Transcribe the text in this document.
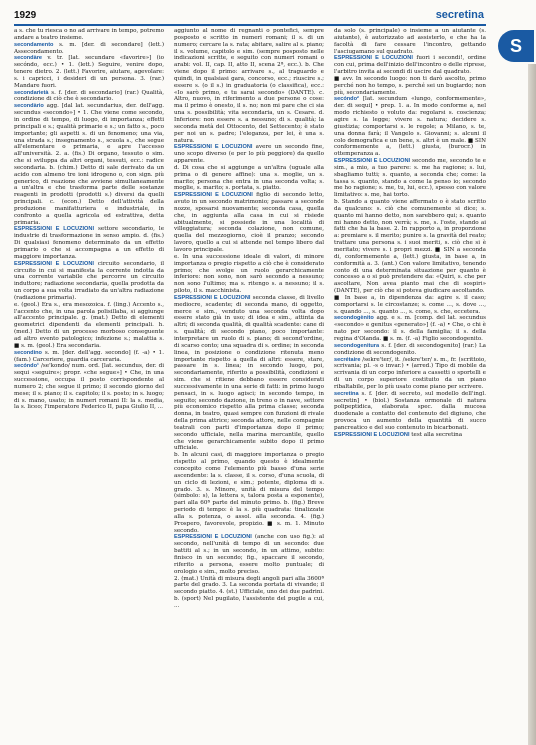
1929	secretina
S

a s. che tu riesca o no ad arrivare in tempo, potremo andare a teatro insieme.

secondamento s. m. [der. di secondare] (lett.) Assecondamento.

secondàre v. tr. [lat. secundare «favorire»] (io secóndo, ecc.) • 1. (lett.) Seguire, venire dopo, tenere dietro. 2. (lett.) Favorire, aiutare, agevolare: s. i capricci, i desideri di un persona. 3. (rar.) Mandare fuori.

secondarietà s. f. [der. di secondario] (rar.) Qualità, condizione di ciò che è secondario.

secondàrio agg. [dal lat. secundarius, der. dell'agg. secundus «secondo»] • 1. Che viene come secondo, in ordine di tempo, di luogo, di importanza; effetti principali e s.; qualità primarie e s.; un fatto s., poco importante; gli aspetti s. di un fenomeno; una via, una strada s.; insegnamento s., scuola s., che segue all'elementare o primaria, e apre l'accesso all'università. 2. a. (fis.) Di organo, tessuto o sim. che si sviluppa da altri organi, tessuti, ecc.: radice secondaria. b. (chim.) Detto di sale derivato da un acido con almeno tre ioni idrogeno o, con sign. più generico, di reazione che avviene simultaneamente a un'altra e che trasforma parte delle sostanze reagenti in prodotti (prodotti s.) diversi da quelli principali. c. (econ.) Detto dell'attività della produzione manifatturiera e industriale, in confronto a quella agricola ed estrattiva, detta primaria.

ESPRESSIONI E LOCUZIONI settore secondario, le industrie di trasformazione in senso ampio. d. (fis.) Di qualsiasi fenomeno determinato da un effetto primario o che si accompagna a un effetto di maggiore importanza.

ESPRESSIONI E LOCUZIONI circuito secondario, il circuito in cui si manifesta la corrente indotta da una corrente variabile che percorre un circuito induttore; radiazione secondaria, quella prodotta da un corpo a sua volta irradiato da un'altra radiazione (radiazione primaria).

e. (geol.) Era s., era mesozoica. f. (ling.) Accento s., l'accento che, in una parola polisillaba, si aggiunge all'accento principale. g. (mat.) Detto di elementi geometrici dipendenti da elementi principali. h. (med.) Detto di un processo morboso conseguente ad altro evento patologico; infezione s.; malattia s. ■ s. m. (geol.) Era secondaria.

secondino s. m. [der. dell'agg. secondo] (f. -a) • 1. (fam.) Carceriere, guardia carceraria.

secóndo¹ /se'kondo/ num. ord. [lat. secundus, der. di sequi «seguire»; propr. «che segue»] • Che, in una successione, occupa il posto corrispondente al numero 2; che segue il primo; il secondo giorno del mese; il s. piano; il s. capitolo; il s. posto; in s. luogo; di s. mano, usato; in numeri romani II: la s. media, la s. liceo; l'imperatore Federico II, papa Giulio II, ...

aggiunto al nome di regnanti o pontefici, sempre posposto e scritto in numeri romani; il s. di un numero; cercare la s. rata; abitare, salire al s. piano; il s. volume, capitolo e sim. (sempre posposto nelle indicazioni scritte, e seguito con numeri romani o arabi: vol. II, cap. II, atto II, scena 2ª, ecc.). b. Che viene dopo il primo: arrivare s., al traguardo e quindi, in qualsiasi gara, concorso, ecc.; riuscire s.; essere s. (o il s.) in graduatoria (o classifica), ecc.: «Io sarò primo, e tu sarai secondo» (DANTE). c. Altro, nuovo, in riferimento a due persone o cose: ma il primo è onesto, il s. no; non mi pare che ci sia una s. possibilità; vita secondaria, un s. Cesare. d. Inferiore: non essere s. a nessuno; di s. qualità; la seconda metà del Ottocento, del Settecento; è stato per noi un s. padre; l'eleganza, per lei, è una s. natura.

ESPRESSIONI E LOCUZIONI avere un secondo fine, uno scopo diverso (e per lo più peggiore) da quello apparente.

d. Di cosa che si aggiunge a un'altra (uguale alla prima o di genere affine): una s. moglie, un s. marito; persona che entra in una seconda volta; s. moglie, s. marito; s. portata, s. piatto.

ESPRESSIONI E LOCUZIONI figlio di secondo letto, avuto in un secondo matrimonio; passare a seconde nozze, sposarsi nuovamente; seconda casa, quella che, in aggiunta alla casa in cui si risiede abitualmente, si possiede in una località di villeggiatura; seconda colazione, non comune, quella del mezzogiorno, cioè il pranzo; secondo lavoro, quello a cui si attende nel tempo libero dal lavoro principale.

e. In una successione ideale di valori, di minore importanza o pregio rispetto a ciò che è considerato primo; che svolge un ruolo gerarchicamente inferiore: non sono, non sarò secondo a nessuno; non sono l'ultimo; ma s. ritengo s. a nessuno; il s. piloto, il s. macchinista.

ESPRESSIONI E LOCUZIONI seconda classe, di livello mediocre, scadente; di seconda mano, di oggetto, merce e sim., venduto una seconda volta dopo essere stato già in uso; di idea e sim., attinta da altri; di seconda qualità, di qualità scadente: cane di s. qualità; di secondo piano, poco importante: interpretare un ruolo di s. piano; di second'ordine, di scarso conto; una squadra di s. ordine; in seconda linea, in posizione o condizione ritenuta meno importante rispetto a quella di altri: essere, stare, passare in s. linea; in secondo luogo, poi, secondariamente, riferito a possibilità, condizioni e sim. che si ritiene debbano essere considerati successivamente in una serie di fatti: in primo luogo pensaci, in s. luogo agisci; in secondo tempo, in seguito; secondo dazione, in treno o in nave, settore più economico rispetto alla prima classe; seconda donna, in teatro, quasi sempre con funzioni di rivale della prima attrice; seconda attore, nelle compagnie teatrali con parti d'importanza dopo il primo; secondo ufficiale, nella marina mercantile, quello che viene gerarchicamente subito dopo il primo ufficiale.

b. In alcuni casi, di maggiore importanza o pregio rispetto al primo, quando questo è idealmente concepito come l'elemento più basso d'una serie ascendente: la s. classe, il s. corso, d'una scuola, di un ciclo di lezioni, e sim.; potente, diploma di s. grado. 3. s. Minore, unità di misura del tempo (simbolo: s), la lettera s, talora posta a esponente), pari alla 60ª parte del minuto primo. b. (fig.) Breve periodo di tempo: è la s. più quadrata: tinalizzate alla s. potenza, o assol. alla seconda. 4. (fig.) Prospero, favorevole, propizio. ■ s. m. 1. Minuto secondo.

ESPRESSIONI E LOCUZIONI (anche con uso fig.): al secondo, nell'unità di tempo di un secondo: due battiti al s.; in un secondo, in un attimo, subito: finisco in un secondo; fig., spaccare il secondo, riferito a persona, essere molto puntuale; di orologio e sim., molto preciso.

2. (mat.) Unità di misura degli angoli pari alla 3600ª parte del grado. 3. La seconda portata di vivande; il secondo piatto. 4. (st.) Ufficiale, uno dei due padrini. b. (sport) Nel pugilato, l'assistente del pugile a cui, ...

da solo (s. principale) o insieme a un aiutante (s. aiutante), è autorizzato ad assisterlo, e che ha la facoltà di fare cessare l'incontro, gettando l'asciugamano sul quadrato.

ESPRESSIONI E LOCUZIONI fuori i secondi!, ordine con cui, prima dell'inizio dell'incontro o delle riprese, l'arbitro invita ai secondi di uscire dal quadrato.

■ avv. In secondo luogo: non ti darò ascolto, primo perché non ho tempo, s. perché sei un bugiardo; non più, secondariamente.

secóndo² [lat. secundum «lungo, conformemente», der. di sequi] • prep. 1. a. In modo conforme a, nel modo richiesto o voluto da: regolarsi s. coscienza; agire s. la legge; vivere s. natura; decidere s. giustizia; comportarsi s. le regole; a Milano, s. te, una donna farà; il Vangelo s. Giovanni; s. alcuni il colo demografica e un bene, s. altri è un male. ■ SIN conformemente a, (lett.) giusta, (burocr.) in ottemperanza a.

ESPRESSIONI E LOCUZIONI secondo me, secondo te e sim., a mio, a tuo parere: s. me ha ragione; s. lui, sbagliamo tutti; s. quanto, a seconda che; come: la tassa s. quanto, stando a come la penso io; secondo me ho ragione; s. me, tu, lui, ecc.), spesso con valore limitativo: s. me, hai torto.

b. Stando a quanto viene affermato o è stato scritto da qualcuno: s. ciò che comunemente si dice; s. quanto mi hanno detto, non sarebbero qui; s. quanto mi hanno detto, non verrà; s. me, s. l'oste, stando ai fatti che ha la base. 2. In rapporto a, in proporzione a: premiare s. il merito; punire s. la gravità del reato; trattare una persona s. i suoi meriti, s. ciò che si è meritato; vivere s. i propri mezzi. ■ SIN a seconda di, conformemente a, (lett.) giusta, in base a, in conformità a. 3. (ant.) Con valore limitativo, tenendo conto di una determinata situazione per quanto è concesso a o si può pretendere da: «Quiri, s. che per ascoltare, Non avea pianto mai che di sospiri» (DANTE), per ciò che si poteva giudicare ascoltando.

■ In base a, in dipendenza da: agire s. il caso; comportarsi s. le circostanze; s. come ..., s. dove ..., s. quando ..., s. quanto ..., s. come, s. che, eccetera.

secondogènito agg. e s. m. [comp. del lat. secundus «secondo» e genitus «generato»] (f. -a) • Che, o chi è nato per secondo: il s. della famiglia; il s. della regina d'Olanda. ■ s. m. (f. -a) Figlio secondogenito.

secondogenitura s. f. [der. di secondogenito] (rar.) La condizione di secondogenito.

secrétaire /sekre'ter/, it. /sekre'ter/ s. m., fr. (scrittoio, scrivania; pl. -s o invar.) • (arred.) Tipo di mobile da scrivania di un corpo inferiore a cassetti o sportelli e di un corpo superiore costituito da un piano ribaltabile, per lo più usato come piano per scrivere.

secretina s. f. [der. di secreto, sul modello dell'ingl. secretin] • (biol.) Sostanza ormonale di natura polipeptidica, elaborata spec. dalla mucosa duodenale a contatto del contenuto del digiuno, che provoca un aumento della quantità di succo pancreatico e del suo contenuto in bicarbonati.

ESPRESSIONI E LOCUZIONI test alla secretina
